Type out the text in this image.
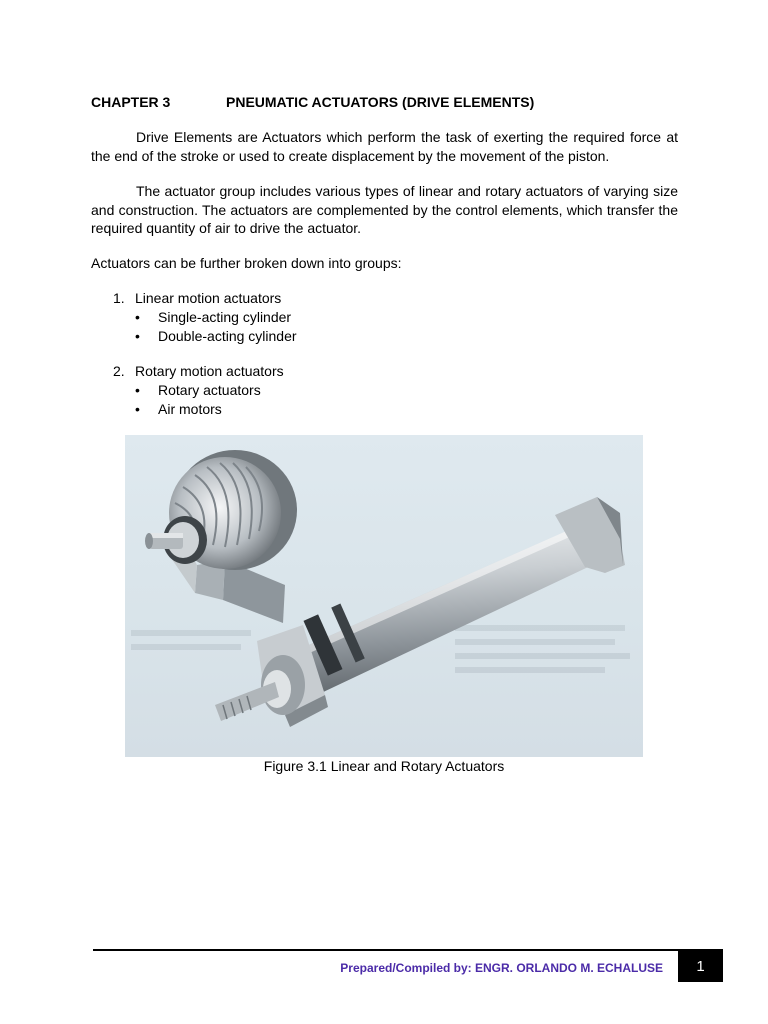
CHAPTER 3	PNEUMATIC ACTUATORS (DRIVE ELEMENTS)

Drive Elements are Actuators which perform the task of exerting the required force at the end of the stroke or used to create displacement by the movement of the piston.

The actuator group includes various types of linear and rotary actuators of varying size and construction. The actuators are complemented by the control elements, which transfer the required quantity of air to drive the actuator.

Actuators can be further broken down into groups:

1. Linear motion actuators
• Single-acting cylinder
• Double-acting cylinder
2. Rotary motion actuators
• Rotary actuators
• Air motors
Figure 3.1 Linear and Rotary Actuators
Prepared/Compiled by: ENGR. ORLANDO M. ECHALUSE	1
